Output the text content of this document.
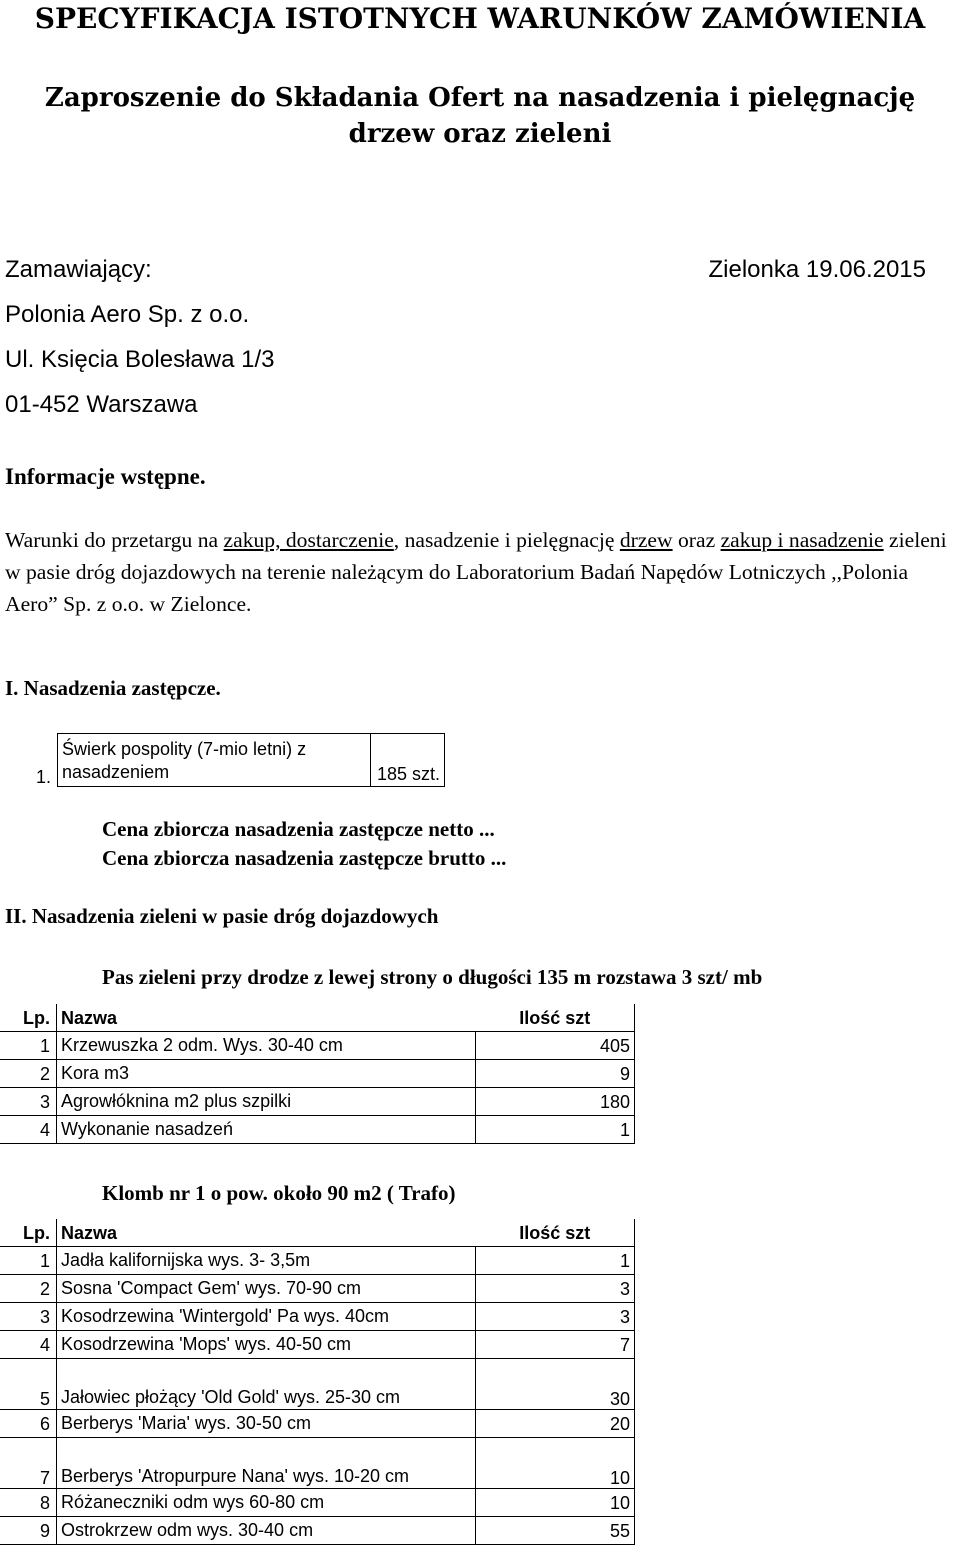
SPECYFIKACJA ISTOTNYCH WARUNKÓW ZAMÓWIENIA
Zaproszenie do Składania Ofert na nasadzenia i pielęgnację drzew oraz zieleni
Zamawiający:	Zielonka 19.06.2015
Polonia Aero Sp. z o.o.
Ul. Księcia Bolesława 1/3
01-452 Warszawa
Informacje wstępne.
Warunki do przetargu na zakup, dostarczenie, nasadzenie i pielęgnację drzew oraz zakup i nasadzenie zieleni w pasie dróg dojazdowych na terenie należącym do Laboratorium Badań Napędów Lotniczych ,,Polonia Aero” Sp. z o.o. w Zielonce.
I. Nasadzenia zastępcze.
1.	Świerk pospolity (7-mio letni) z nasadzeniem	185 szt.
Cena zbiorcza nasadzenia zastępcze netto ...
Cena zbiorcza nasadzenia zastępcze brutto ...
II. Nasadzenia zieleni w pasie dróg dojazdowych
Pas zieleni przy drodze z lewej strony o długości 135 m rozstawa 3 szt/ mb
Lp.	Nazwa	Ilość szt
1	Krzewuszka 2 odm. Wys. 30-40 cm	405
2	Kora m3	9
3	Agrowłóknina m2 plus szpilki	180
4	Wykonanie nasadzeń	1
Klomb nr 1 o pow. około 90 m2 ( Trafo)
Lp.	Nazwa	Ilość szt
1	Jadła kalifornijska wys. 3- 3,5m	1
2	Sosna 'Compact Gem' wys. 70-90 cm	3
3	Kosodrzewina 'Wintergold' Pa wys. 40cm	3
4	Kosodrzewina 'Mops' wys. 40-50 cm	7
5	Jałowiec płożący 'Old Gold' wys. 25-30 cm	30
6	Berberys 'Maria' wys. 30-50 cm	20
7	Berberys 'Atropurpure Nana' wys. 10-20 cm	10
8	Różaneczniki odm wys 60-80 cm	10
9	Ostrokrzew odm wys. 30-40 cm	55
